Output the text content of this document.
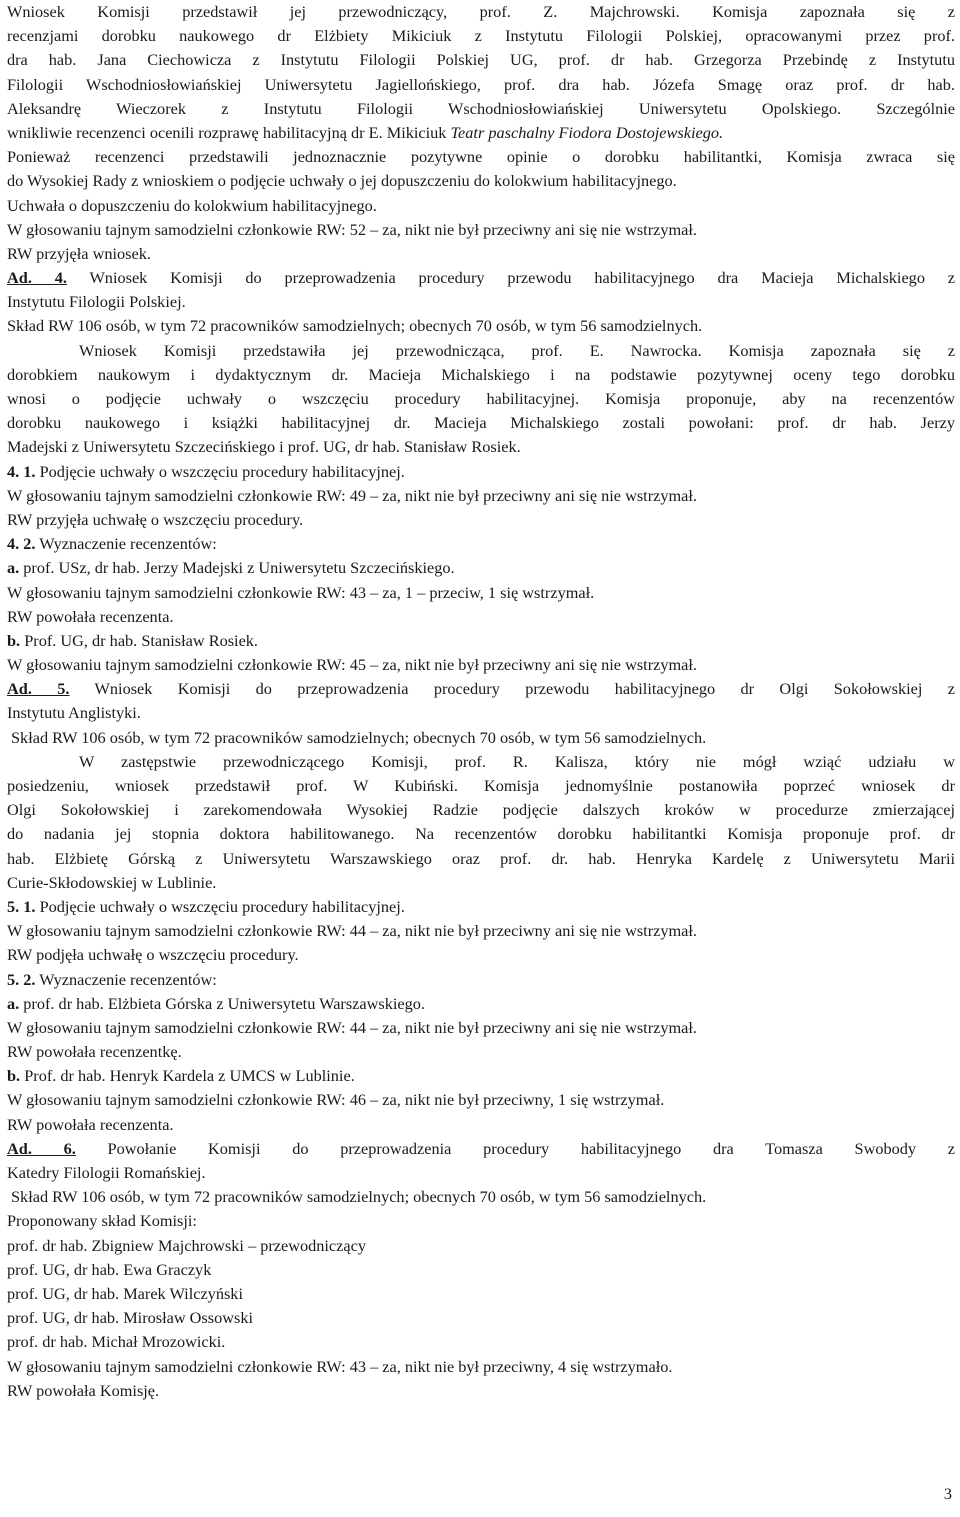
Wniosek Komisji przedstawił jej przewodniczący, prof. Z. Majchrowski. Komisja zapoznała się z
recenzjami dorobku naukowego dr Elżbiety Mikiciuk z Instytutu Filologii Polskiej, opracowanymi przez prof.
dra hab. Jana Ciechowicza z Instytutu Filologii Polskiej UG, prof. dr hab. Grzegorza Przebindę z Instytutu
Filologii Wschodniosłowiańskiej Uniwersytetu Jagiellońskiego, prof. dra hab. Józefa Smagę oraz prof. dr hab.
Aleksandrę Wieczorek z Instytutu Filologii Wschodniosłowiańskiej Uniwersytetu Opolskiego. Szczególnie
wnikliwie recenzenci ocenili rozprawę habilitacyjną dr E. Mikiciuk Teatr paschalny Fiodora Dostojewskiego.
Ponieważ recenzenci przedstawili jednoznacznie pozytywne opinie o dorobku habilitantki, Komisja zwraca się
do Wysokiej Rady z wnioskiem o podjęcie uchwały o jej dopuszczeniu do kolokwium habilitacyjnego.
Uchwała o dopuszczeniu do kolokwium habilitacyjnego.
W głosowaniu tajnym samodzielni członkowie RW: 52 – za, nikt nie był przeciwny ani się nie wstrzymał.
RW przyjęła wniosek.
Ad. 4. Wniosek Komisji do przeprowadzenia procedury przewodu habilitacyjnego dra Macieja Michalskiego z
Instytutu Filologii Polskiej.
Skład RW 106 osób, w tym 72 pracowników samodzielnych; obecnych 70 osób, w tym 56 samodzielnych.
Wniosek Komisji przedstawiła jej przewodnicząca, prof. E. Nawrocka. Komisja zapoznała się z
dorobkiem naukowym i dydaktycznym dr. Macieja Michalskiego i na podstawie pozytywnej oceny tego dorobku
wnosi o podjęcie uchwały o wszczęciu procedury habilitacyjnej. Komisja proponuje, aby na recenzentów
dorobku naukowego i książki habilitacyjnej dr. Macieja Michalskiego zostali powołani: prof. dr hab. Jerzy
Madejski z Uniwersytetu Szczecińskiego i prof. UG, dr hab. Stanisław Rosiek.
4. 1. Podjęcie uchwały o wszczęciu procedury habilitacyjnej.
W głosowaniu tajnym samodzielni członkowie RW: 49 – za, nikt nie był przeciwny ani się nie wstrzymał.
RW przyjęła uchwałę o wszczęciu procedury.
4. 2. Wyznaczenie recenzentów:
a. prof. USz, dr hab. Jerzy Madejski z Uniwersytetu Szczecińskiego.
W głosowaniu tajnym samodzielni członkowie RW: 43 – za, 1 – przeciw, 1 się wstrzymał.
RW powołała recenzenta.
b. Prof. UG, dr hab. Stanisław Rosiek.
W głosowaniu tajnym samodzielni członkowie RW: 45 – za, nikt nie był przeciwny ani się nie wstrzymał.
Ad. 5. Wniosek Komisji do przeprowadzenia procedury przewodu habilitacyjnego dr Olgi Sokołowskiej z
Instytutu Anglistyki.
Skład RW 106 osób, w tym 72 pracowników samodzielnych; obecnych 70 osób, w tym 56 samodzielnych.
W zastępstwie przewodniczącego Komisji, prof. R. Kalisza, który nie mógł wziąć udziału w
posiedzeniu, wniosek przedstawił prof. W Kubiński. Komisja jednomyślnie postanowiła poprzeć wniosek dr
Olgi Sokołowskiej i zarekomendowała Wysokiej Radzie podjęcie dalszych kroków w procedurze zmierzającej
do nadania jej stopnia doktora habilitowanego. Na recenzentów dorobku habilitantki Komisja proponuje prof. dr
hab. Elżbietę Górską z Uniwersytetu Warszawskiego oraz prof. dr. hab. Henryka Kardelę z Uniwersytetu Marii
Curie-Skłodowskiej w Lublinie.
5. 1. Podjęcie uchwały o wszczęciu procedury habilitacyjnej.
W głosowaniu tajnym samodzielni członkowie RW: 44 – za, nikt nie był przeciwny ani się nie wstrzymał.
RW podjęła uchwałę o wszczęciu procedury.
5. 2. Wyznaczenie recenzentów:
a. prof. dr hab. Elżbieta Górska z Uniwersytetu Warszawskiego.
W głosowaniu tajnym samodzielni członkowie RW: 44 – za, nikt nie był przeciwny ani się nie wstrzymał.
RW powołała recenzentkę.
b. Prof. dr hab. Henryk Kardela z UMCS w Lublinie.
W głosowaniu tajnym samodzielni członkowie RW: 46 – za, nikt nie był przeciwny, 1 się wstrzymał.
RW powołała recenzenta.
Ad. 6. Powołanie Komisji do przeprowadzenia procedury habilitacyjnego dra Tomasza Swobody z
Katedry Filologii Romańskiej.
Skład RW 106 osób, w tym 72 pracowników samodzielnych; obecnych 70 osób, w tym 56 samodzielnych.
Proponowany skład Komisji:
prof. dr hab. Zbigniew Majchrowski – przewodniczący
prof. UG, dr hab. Ewa Graczyk
prof. UG, dr hab. Marek Wilczyński
prof. UG, dr hab. Mirosław Ossowski
prof. dr hab. Michał Mrozowicki.
W głosowaniu tajnym samodzielni członkowie RW: 43 – za, nikt nie był przeciwny, 4 się wstrzymało.
RW powołała Komisję.
3
